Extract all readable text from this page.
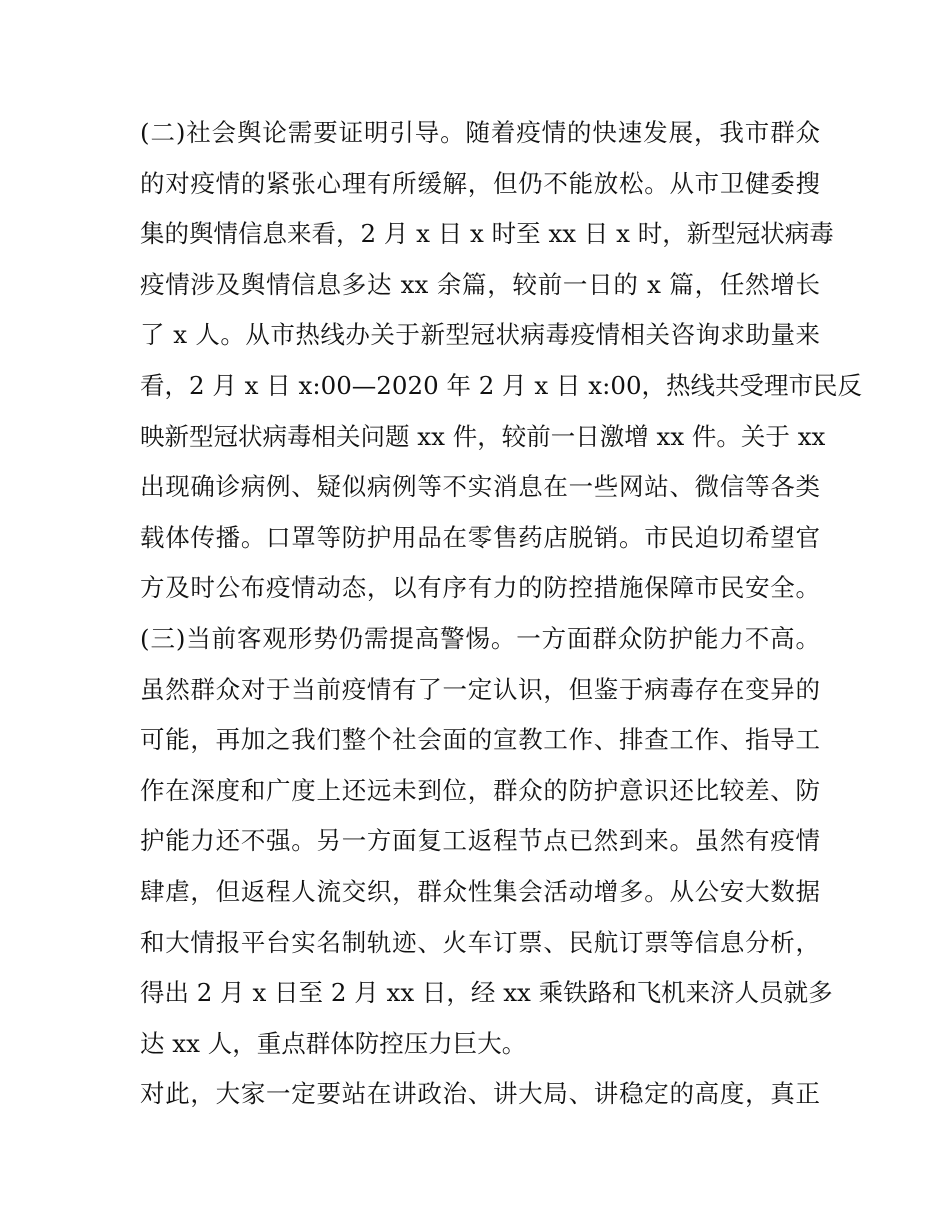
(二)社会舆论需要证明引导。随着疫情的快速发展，我市群众
的对疫情的紧张心理有所缓解，但仍不能放松。从市卫健委搜
集的舆情信息来看，2 月 x 日 x 时至 xx 日 x 时，新型冠状病毒
疫情涉及舆情信息多达 xx 余篇，较前一日的 x 篇，任然增长
了 x 人。从市热线办关于新型冠状病毒疫情相关咨询求助量来
看，2 月 x 日 x:00—2020 年 2 月 x 日 x:00，热线共受理市民反
映新型冠状病毒相关问题 xx 件，较前一日激增 xx 件。关于 xx
出现确诊病例、疑似病例等不实消息在一些网站、微信等各类
载体传播。口罩等防护用品在零售药店脱销。市民迫切希望官
方及时公布疫情动态，以有序有力的防控措施保障市民安全。
(三)当前客观形势仍需提高警惕。一方面群众防护能力不高。
虽然群众对于当前疫情有了一定认识，但鉴于病毒存在变异的
可能，再加之我们整个社会面的宣教工作、排查工作、指导工
作在深度和广度上还远未到位，群众的防护意识还比较差、防
护能力还不强。另一方面复工返程节点已然到来。虽然有疫情
肆虐，但返程人流交织，群众性集会活动增多。从公安大数据
和大情报平台实名制轨迹、火车订票、民航订票等信息分析，
得出 2 月 x 日至 2 月 xx 日，经 xx 乘铁路和飞机来济人员就多
达 xx 人，重点群体防控压力巨大。
对此，大家一定要站在讲政治、讲大局、讲稳定的高度，真正
